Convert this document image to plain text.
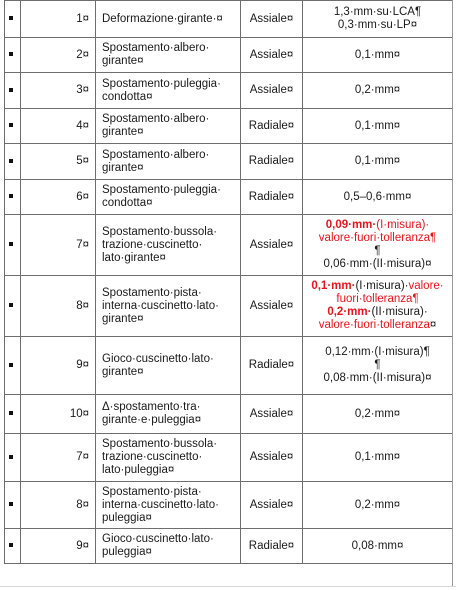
	1¤	Deformazione·girante·¤	Assiale¤	1,3·mm·su·LCA¶
0,3·mm·su·LP¤

	2¤	Spostamento·albero· girante¤	Assiale¤	0,1·mm¤

	3¤	Spostamento·puleggia· condotta¤	Assiale¤	0,2·mm¤

	4¤	Spostamento·albero· girante¤	Radiale¤	0,1·mm¤

	5¤	Spostamento·albero· girante¤	Radiale¤	0,1·mm¤

	6¤	Spostamento·puleggia· condotta¤	Radiale¤	0,5–0,6·mm¤

	7¤	Spostamento·bussola· trazione·cuscinetto· lato·girante¤	Assiale¤	0,09·mm·(I·misura)·
valore·fuori·tolleranza¶
¶
0,06·mm·(II·misura)¤

	8¤	Spostamento·pista· interna·cuscinetto·lato· girante¤	Assiale¤	0,1·mm·(I·misura)·valore·
fuori·tolleranza¶
0,2·mm·(II·misura)·
valore·fuori·tolleranza¤

	9¤	Gioco·cuscinetto·lato· girante¤	Radiale¤	0,12·mm·(I·misura)¶
¶
0,08·mm·(II·misura)¤

	10¤	Δ·spostamento·tra· girante·e·puleggia¤	Assiale¤	0,2·mm¤

	7¤	Spostamento·bussola· trazione·cuscinetto· lato·puleggia¤	Assiale¤	0,1·mm¤

	8¤	Spostamento·pista· interna·cuscinetto·lato· puleggia¤	Assiale¤	0,2·mm¤

	9¤	Gioco·cuscinetto·lato· puleggia¤	Radiale¤	0,08·mm¤
